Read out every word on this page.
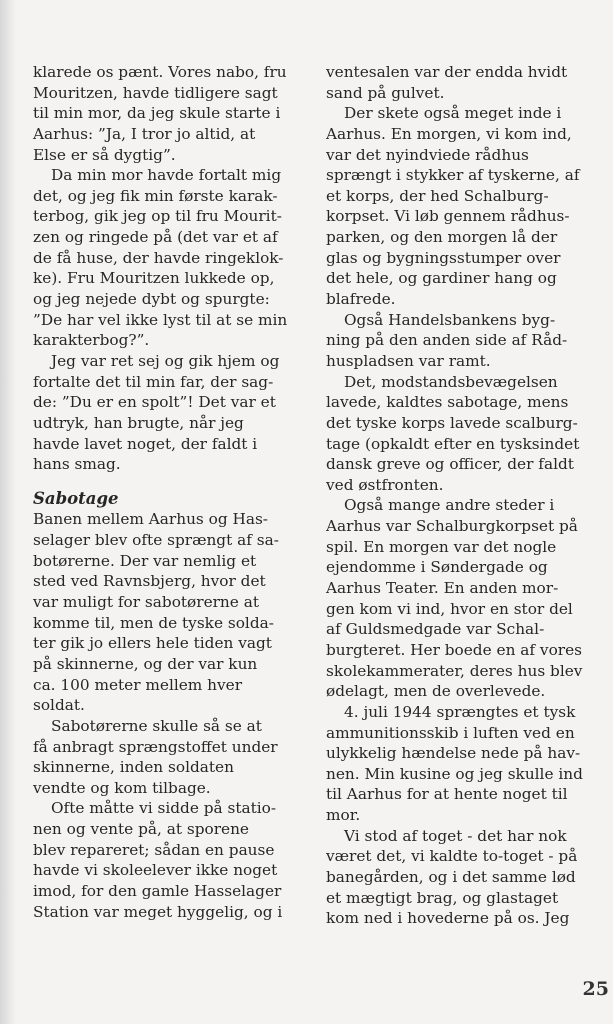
klarede os pænt. Vores nabo, fru
Mouritzen, havde tidligere sagt
til min mor, da jeg skule starte i
Aarhus: ”Ja, I tror jo altid, at
Else er så dygtig”.
Da min mor havde fortalt mig
det, og jeg fik min første karak-
terbog, gik jeg op til fru Mourit-
zen og ringede på (det var et af
de få huse, der havde ringeklok-
ke). Fru Mouritzen lukkede op,
og jeg nejede dybt og spurgte:
”De har vel ikke lyst til at se min
karakterbog?”.
Jeg var ret sej og gik hjem og
fortalte det til min far, der sag-
de: ”Du er en spolt”! Det var et
udtryk, han brugte, når jeg
havde lavet noget, der faldt i
hans smag.
Sabotage
Banen mellem Aarhus og Has-
selager blev ofte sprængt af sa-
botørerne. Der var nemlig et
sted ved Ravnsbjerg, hvor det
var muligt for sabotørerne at
komme til, men de tyske solda-
ter gik jo ellers hele tiden vagt
på skinnerne, og der var kun
ca. 100 meter mellem hver
soldat.
Sabotørerne skulle så se at
få anbragt sprængstoffet under
skinnerne, inden soldaten
vendte og kom tilbage.
Ofte måtte vi sidde på statio-
nen og vente på, at sporene
blev repareret; sådan en pause
havde vi skoleelever ikke noget
imod, for den gamle Hasselager
Station var meget hyggelig, og i
ventesalen var der endda hvidt
sand på gulvet.
Der skete også meget inde i
Aarhus. En morgen, vi kom ind,
var det nyindviede rådhus
sprængt i stykker af tyskerne, af
et korps, der hed Schalburg-
korpset. Vi løb gennem rådhus-
parken, og den morgen lå der
glas og bygningsstumper over
det hele, og gardiner hang og
blafrede.
Også Handelsbankens byg-
ning på den anden side af Råd-
huspladsen var ramt.
Det, modstandsbevægelsen
lavede, kaldtes sabotage, mens
det tyske korps lavede scalburg-
tage (opkaldt efter en tysksindet
dansk greve og officer, der faldt
ved østfronten.
Også mange andre steder i
Aarhus var Schalburgkorpset på
spil. En morgen var det nogle
ejendomme i Søndergade og
Aarhus Teater. En anden mor-
gen kom vi ind, hvor en stor del
af Guldsmedgade var Schal-
burgteret. Her boede en af vores
skolekammerater, deres hus blev
ødelagt, men de overlevede.
4. juli 1944 sprængtes et tysk
ammunitionsskib i luften ved en
ulykkelig hændelse nede på hav-
nen. Min kusine og jeg skulle ind
til Aarhus for at hente noget til
mor.
Vi stod af toget - det har nok
været det, vi kaldte to-toget - på
banegården, og i det samme lød
et mægtigt brag, og glastaget
kom ned i hovederne på os. Jeg
25
